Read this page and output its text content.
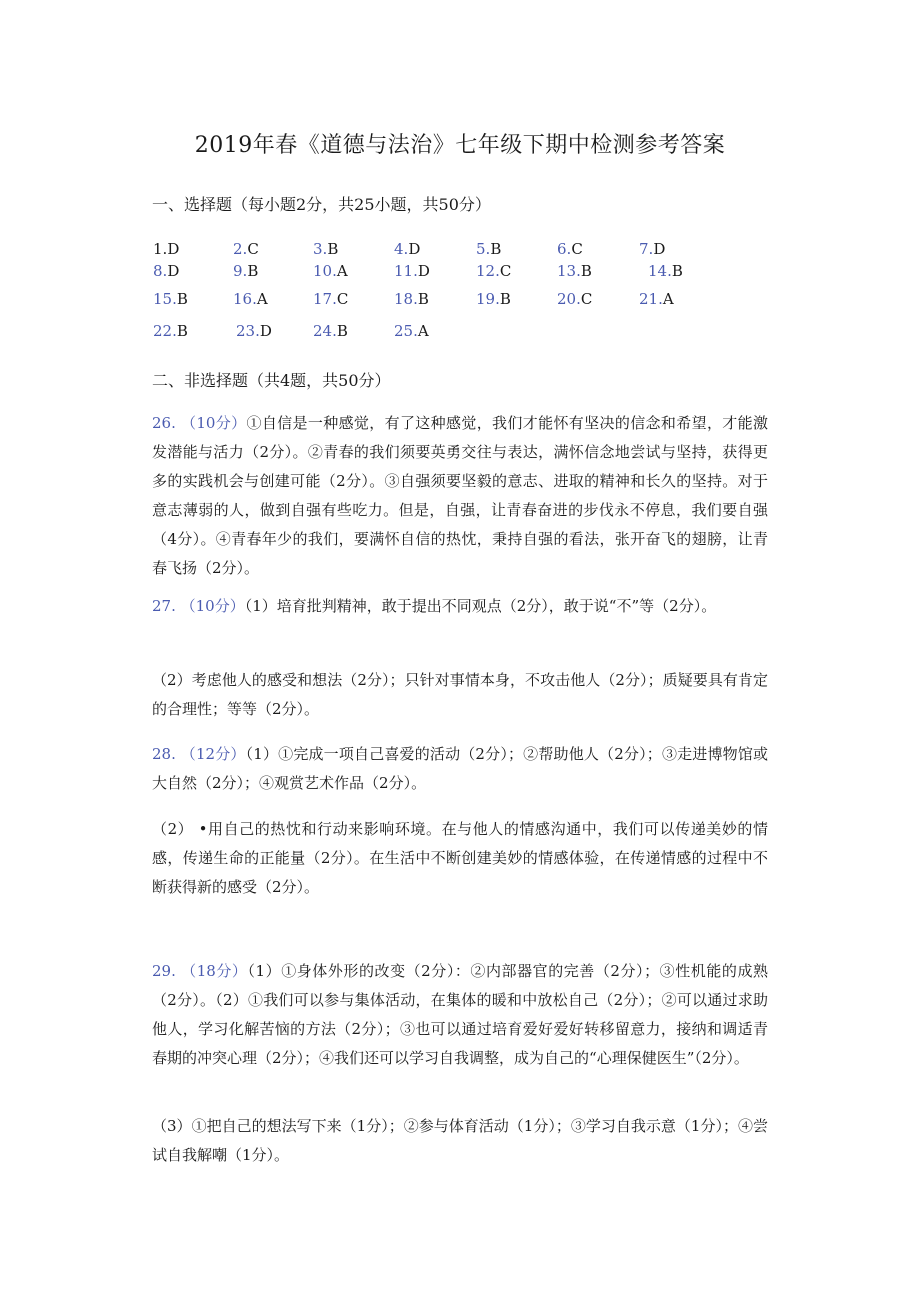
2019年春《道德与法治》七年级下期中检测参考答案
一、选择题（每小题2分，共25小题，共50分）
1.D	2.C	3.B	4.D	5.B	6.C	7.D
8.D	9.B	10.A	11.D	12.C	13.B	14.B
15.B	16.A	17.C	18.B	19.B	20.C	21.A
22.B	23.D	24.B	25.A
二、非选择题（共4题，共50分）

26. （10分）①自信是一种感觉，有了这种感觉，我们才能怀有坚决的信念和希望，才能激发潜能与活力（2分）。②青春的我们须要英勇交往与表达，满怀信念地尝试与坚持，获得更多的实践机会与创建可能（2分）。③自强须要坚毅的意志、进取的精神和长久的坚持。对于意志薄弱的人，做到自强有些吃力。但是，自强，让青春奋进的步伐永不停息，我们要自强（4分）。④青春年少的我们，要满怀自信的热忱，秉持自强的看法，张开奋飞的翅膀，让青春飞扬（2分）。

27. （10分）（1）培育批判精神，敢于提出不同观点（2分），敢于说“不”等（2分）。

（2）考虑他人的感受和想法（2分）；只针对事情本身，不攻击他人（2分）；质疑要具有肯定的合理性；等等（2分）。

28. （12分）（1）①完成一项自己喜爱的活动（2分）；②帮助他人（2分）；③走进博物馆或大自然（2分）；④观赏艺术作品（2分）。

（2） •用自己的热忱和行动来影响环境。在与他人的情感沟通中，我们可以传递美妙的情感，传递生命的正能量（2分）。在生活中不断创建美妙的情感体验，在传递情感的过程中不断获得新的感受（2分）。

29. （18分）（1）①身体外形的改变（2分）：②内部器官的完善（2分）；③性机能的成熟（2分）。（2）①我们可以参与集体活动，在集体的暖和中放松自己（2分）；②可以通过求助他人，学习化解苦恼的方法（2分）；③也可以通过培育爱好爱好转移留意力，接纳和调适青春期的冲突心理（2分）；④我们还可以学习自我调整，成为自己的“心理保健医生”（2分）。

（3）①把自己的想法写下来（1分）；②参与体育活动（1分）；③学习自我示意（1分）；④尝试自我解嘲（1分）。
